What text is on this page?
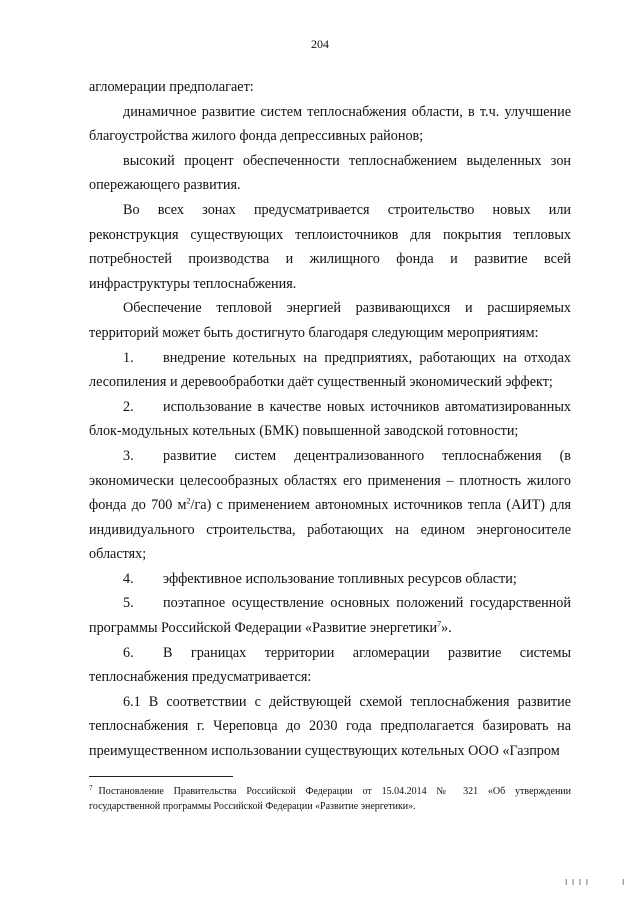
204

агломерации предполагает:

динамичное развитие систем теплоснабжения области, в т.ч. улучшение благоустройства жилого фонда депрессивных районов;

высокий процент обеспеченности теплоснабжением выделенных зон опережающего развития.

Во всех зонах предусматривается строительство новых или реконструкция существующих теплоисточников для покрытия тепловых потребностей производства и жилищного фонда и развитие всей инфраструктуры теплоснабжения.

Обеспечение тепловой энергией развивающихся и расширяемых территорий может быть достигнуто благодаря следующим мероприятиям:

1. внедрение котельных на предприятиях, работающих на отходах лесопиления и деревообработки даёт существенный экономический эффект;

2. использование в качестве новых источников автоматизированных блок-модульных котельных (БМК) повышенной заводской готовности;

3. развитие систем децентрализованного теплоснабжения (в экономически целесообразных областях его применения – плотность жилого фонда до 700 $м^2/га$) с применением автономных источников тепла (АИТ) для индивидуального строительства, работающих на едином энергоносителе областях;

4. эффективное использование топливных ресурсов области;

5. поэтапное осуществление основных положений государственной программы Российской Федерации «Развитие энергетики$^7$».

6. В границах территории агломерации развитие системы теплоснабжения предусматривается:

6.1 В соответствии с действующей схемой теплоснабжения развитие теплоснабжения г. Череповца до 2030 года предполагается базировать на преимущественном использовании существующих котельных ООО «Газпром

$^7$ Постановление Правительства Российской Федерации от 15.04.2014 № 321 «Об утверждении государственной программы Российской Федерации «Развитие энергетики».
I I I I	I
